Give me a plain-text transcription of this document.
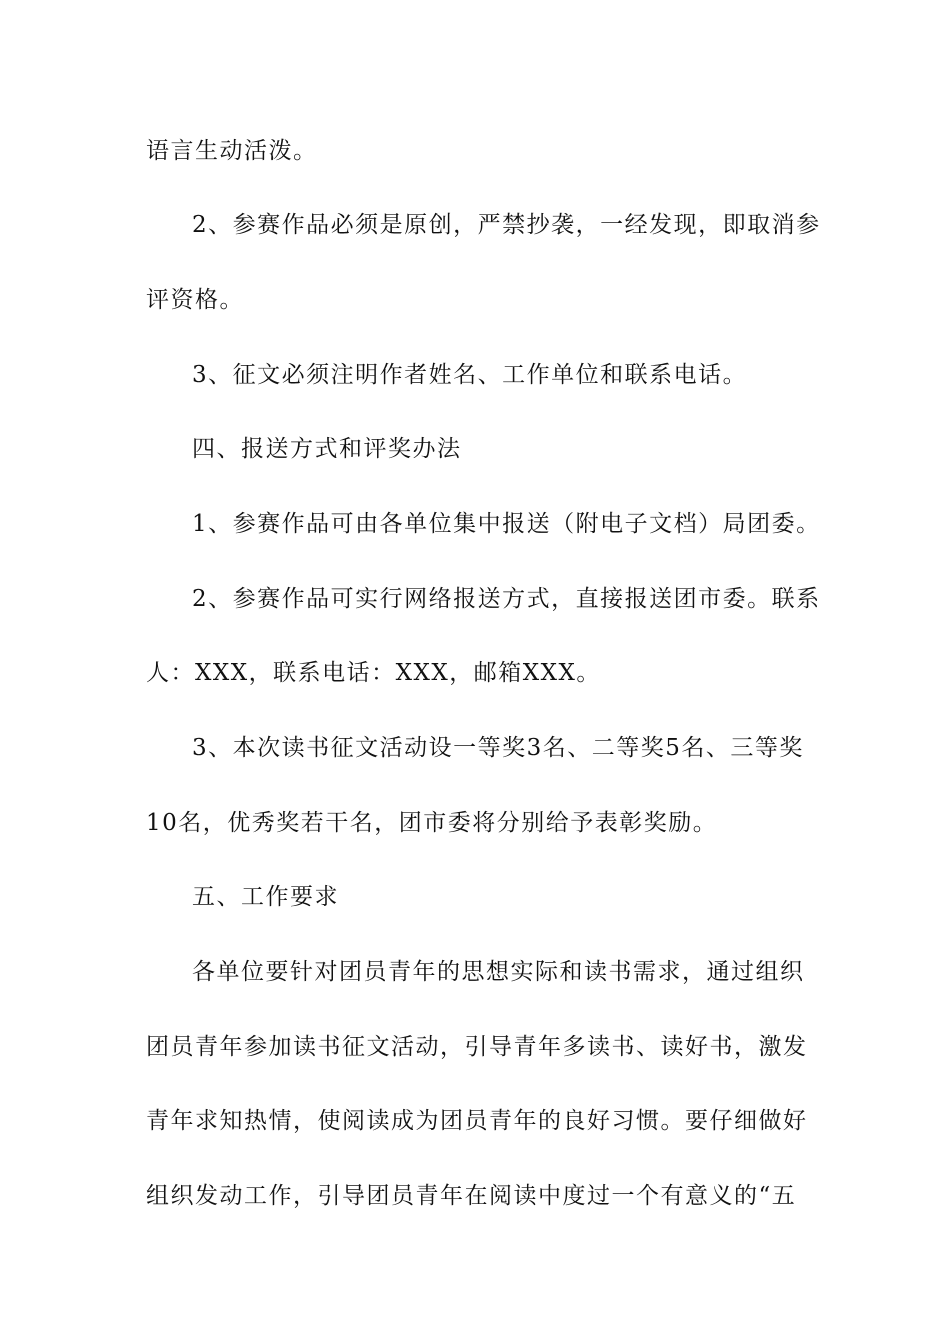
语言生动活泼。
2、参赛作品必须是原创，严禁抄袭，一经发现，即取消参
评资格。
3、征文必须注明作者姓名、工作单位和联系电话。
四、报送方式和评奖办法
1、参赛作品可由各单位集中报送（附电子文档）局团委。
2、参赛作品可实行网络报送方式，直接报送团市委。联系
人：XXX，联系电话：XXX，邮箱XXX。
3、本次读书征文活动设一等奖3名、二等奖5名、三等奖
10名，优秀奖若干名，团市委将分别给予表彰奖励。
五、工作要求
各单位要针对团员青年的思想实际和读书需求，通过组织
团员青年参加读书征文活动，引导青年多读书、读好书，激发
青年求知热情，使阅读成为团员青年的良好习惯。要仔细做好
组织发动工作，引导团员青年在阅读中度过一个有意义的“五
